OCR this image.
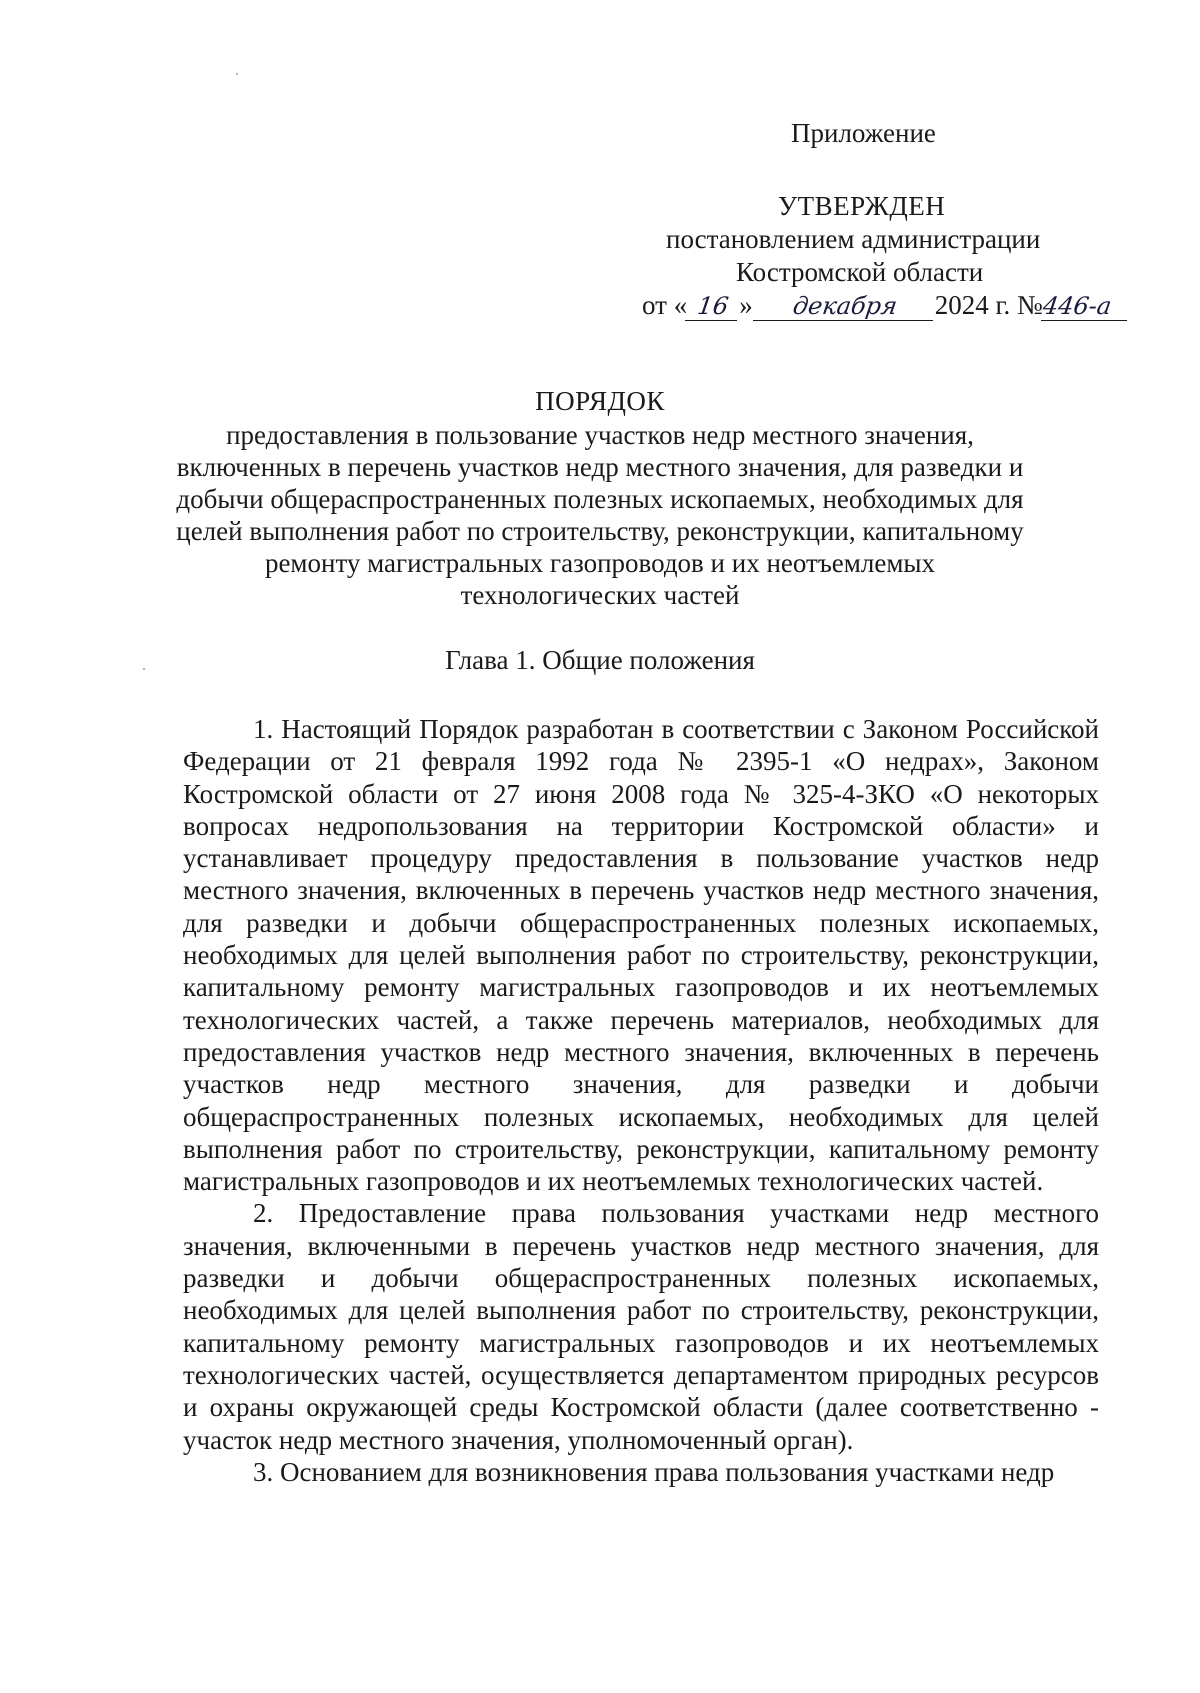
Приложение
УТВЕРЖДЕН
постановлением администрации
Костромской области
от « 16 »	декабря	2024 г. №
446-а
ПОРЯДОК
предоставления в пользование участков недр местного значения,
включенных в перечень участков недр местного значения, для разведки и
добычи общераспространенных полезных ископаемых, необходимых для
целей выполнения работ по строительству, реконструкции, капитальному
ремонту магистральных газопроводов и их неотъемлемых
технологических частей
Глава 1. Общие положения

1. Настоящий Порядок разработан в соответствии с Законом Российской Федерации от 21 февраля 1992 года № 2395-1 «О недрах», Законом Костромской области от 27 июня 2008 года № 325-4-ЗКО «О некоторых вопросах недропользования на территории Костромской области» и устанавливает процедуру предоставления в пользование участков недр местного значения, включенных в перечень участков недр местного значения, для разведки и добычи общераспространенных полезных ископаемых, необходимых для целей выполнения работ по строительству, реконструкции, капитальному ремонту магистральных газопроводов и их неотъемлемых технологических частей, а также перечень материалов, необходимых для предоставления участков недр местного значения, включенных в перечень участков недр местного значения, для разведки и добычи общераспространенных полезных ископаемых, необходимых для целей выполнения работ по строительству, реконструкции, капитальному ремонту магистральных газопроводов и их неотъемлемых технологических частей.

2. Предоставление права пользования участками недр местного значения, включенными в перечень участков недр местного значения, для разведки и добычи общераспространенных полезных ископаемых, необходимых для целей выполнения работ по строительству, реконструкции, капитальному ремонту магистральных газопроводов и их неотъемлемых технологических частей, осуществляется департаментом природных ресурсов и охраны окружающей среды Костромской области (далее соответственно - участок недр местного значения, уполномоченный орган).

3. Основанием для возникновения права пользования участками недр
